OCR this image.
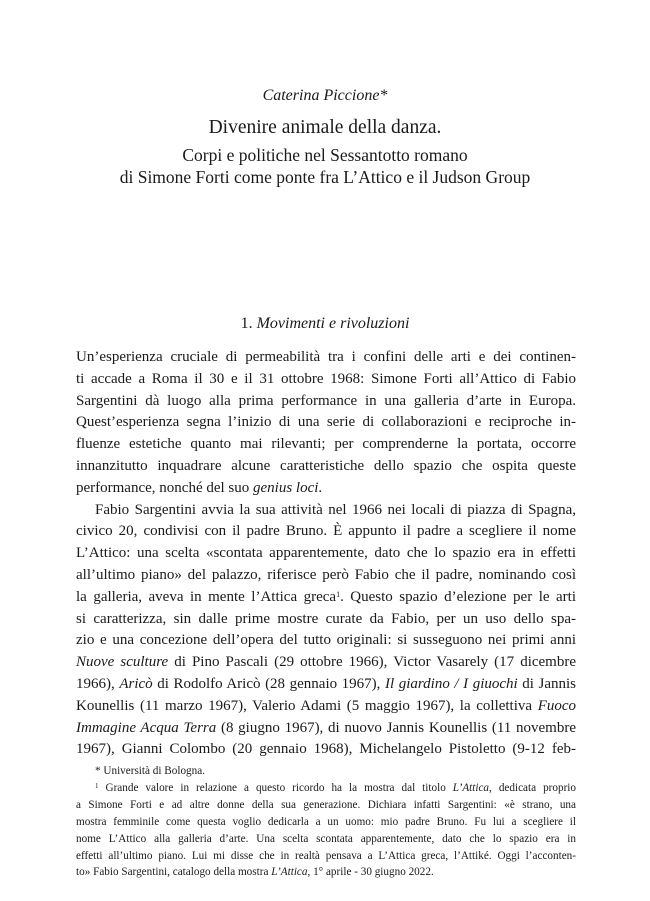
Caterina Piccione*
Divenire animale della danza.
Corpi e politiche nel Sessantotto romano
di Simone Forti come ponte fra L’Attico e il Judson Group
1. Movimenti e rivoluzioni
Un’esperienza cruciale di permeabilità tra i confini delle arti e dei continen-
ti accade a Roma il 30 e il 31 ottobre 1968: Simone Forti all’Attico di Fabio
Sargentini dà luogo alla prima performance in una galleria d’arte in Europa.
Quest’esperienza segna l’inizio di una serie di collaborazioni e reciproche in-
fluenze estetiche quanto mai rilevanti; per comprenderne la portata, occorre
innanzitutto inquadrare alcune caratteristiche dello spazio che ospita queste
performance, nonché del suo genius loci.
Fabio Sargentini avvia la sua attività nel 1966 nei locali di piazza di Spagna,
civico 20, condivisi con il padre Bruno. È appunto il padre a scegliere il nome
L’Attico: una scelta «scontata apparentemente, dato che lo spazio era in effetti
all’ultimo piano» del palazzo, riferisce però Fabio che il padre, nominando così
la galleria, aveva in mente l’Attica greca$^1$. Questo spazio d’elezione per le arti
si caratterizza, sin dalle prime mostre curate da Fabio, per un uso dello spa-
zio e una concezione dell’opera del tutto originali: si susseguono nei primi anni
Nuove sculture di Pino Pascali (29 ottobre 1966), Victor Vasarely (17 dicembre
1966), Aricò di Rodolfo Aricò (28 gennaio 1967), Il giardino / I giuochi di Jannis
Kounellis (11 marzo 1967), Valerio Adami (5 maggio 1967), la collettiva Fuoco
Immagine Acqua Terra (8 giugno 1967), di nuovo Jannis Kounellis (11 novembre
1967), Gianni Colombo (20 gennaio 1968), Michelangelo Pistoletto (9-12 feb-
* Università di Bologna.
$^1$ Grande valore in relazione a questo ricordo ha la mostra dal titolo L’Attica, dedicata proprio
a Simone Forti e ad altre donne della sua generazione. Dichiara infatti Sargentini: «è strano, una
mostra femminile come questa voglio dedicarla a un uomo: mio padre Bruno. Fu lui a scegliere il
nome L’Attico alla galleria d’arte. Una scelta scontata apparentemente, dato che lo spazio era in
effetti all’ultimo piano. Lui mi disse che in realtà pensava a L’Attica greca, l’Attiké. Oggi l’acconten-
to» Fabio Sargentini, catalogo della mostra L’Attica, 1° aprile - 30 giugno 2022.
